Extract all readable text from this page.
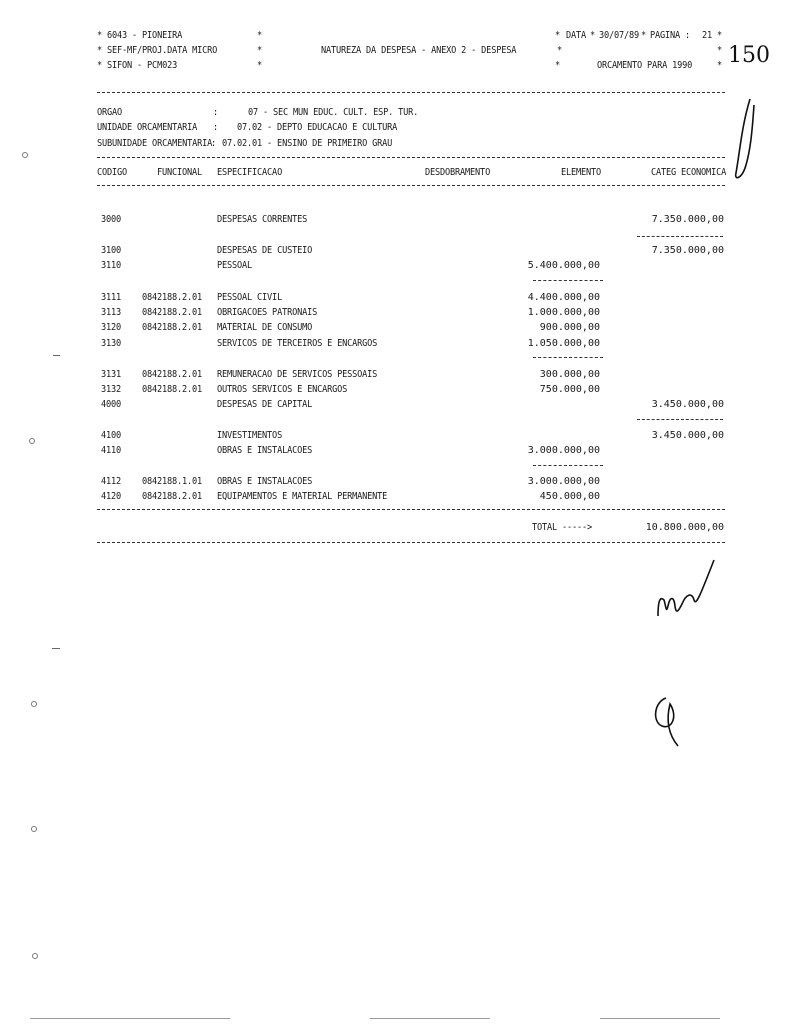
* 6043 - PIONEIRA
* SEF-MF/PROJ.DATA MICRO
* SIFON - PCM023
*
*
*
NATUREZA DA DESPESA - ANEXO 2 - DESPESA
* DATA * 30/07/89 * PAGINA : 21 *
*	*
*	ORCAMENTO PARA 1990 * 150
ORGAO	:	07 - SEC MUN EDUC. CULT. ESP. TUR.
UNIDADE ORCAMENTARIA : 07.02 - DEPTO EDUCACAO E CULTURA
SUBUNIDADE ORCAMENTARIA
: 07.02.01 - ENSINO DE PRIMEIRO GRAU
CODIGO	FUNCIONAL ESPECIFICACAO	DESDOBRAMENTO	ELEMENTO	CATEG ECONOMICA
3000	DESPESAS CORRENTES	7.350.000,00
3100	DESPESAS DE CUSTEIO	7.350.000,00
3110	PESSOAL	5.400.000,00
3111 0842188.2.01 PESSOAL CIVIL	4.400.000,00
3113 0842188.2.01 OBRIGACOES PATRONAIS	1.000.000,00
3120 0842188.2.01 MATERIAL DE CONSUMO	900.000,00
3130	SERVICOS DE TERCEIROS E ENCARGOS	1.050.000,00
3131 0842188.2.01 REMUNERACAO DE SERVICOS PESSOAIS	300.000,00
3132 0842188.2.01 OUTROS SERVICOS E ENCARGOS	750.000,00
4000	DESPESAS DE CAPITAL	3.450.000,00
4100	INVESTIMENTOS	3.450.000,00
4110	OBRAS E INSTALACOES	3.000.000,00
4112 0842188.1.01 OBRAS E INSTALACOES	3.000.000,00
4120 0842188.2.01 EQUIPAMENTOS E MATERIAL PERMANENTE	450.000,00
TOTAL ----->	10.800.000,00
